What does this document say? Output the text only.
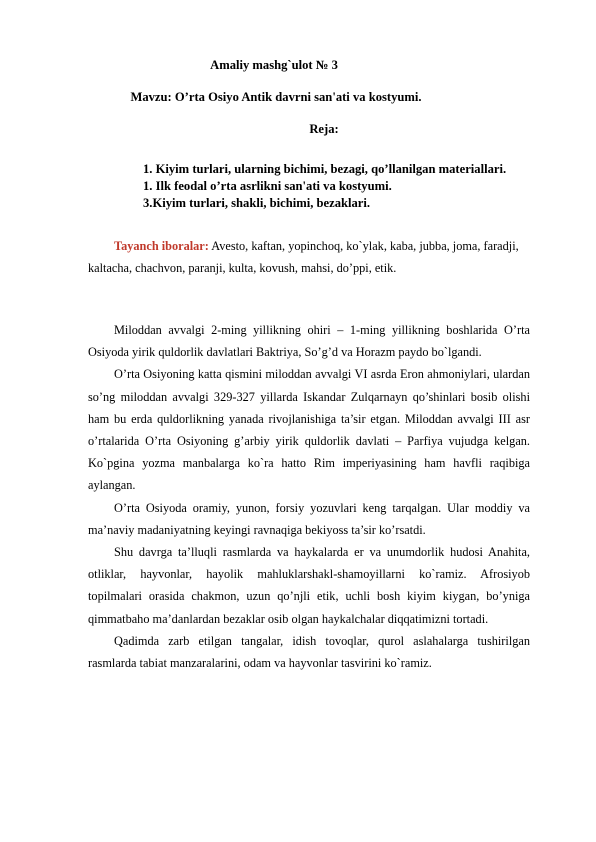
Amaliy mashg`ulot № 3
Mavzu: O’rta Osiyo Antik davrni san'ati va kostyumi.
Reja:
1. Kiyim turlari, ularning bichimi, bezagi, qo’llanilgan materiallari.
1. Ilk feodal o’rta asrlikni san'ati va kostyumi.
3.Kiyim turlari, shakli, bichimi, bezaklari.

Tayanch iboralar: Avesto, kaftan, yopinchoq, ko`ylak, kaba, jubba, joma, faradji, kaltacha, chachvon, paranji, kulta, kovush, mahsi, do’ppi, etik.

Miloddan avvalgi 2-ming yillikning ohiri – 1-ming yillikning boshlarida O’rta Osiyoda yirik quldorlik davlatlari Baktriya, So’g’d va Horazm paydo bo`lgandi.

O’rta Osiyoning katta qismini miloddan avvalgi VI asrda Eron ahmoniylari, ulardan so’ng miloddan avvalgi 329-327 yillarda Iskandar Zulqarnayn qo’shinlari bosib olishi ham bu erda quldorlikning yanada rivojlanishiga ta’sir etgan. Miloddan avvalgi III asr o’rtalarida O’rta Osiyoning g’arbiy yirik quldorlik davlati – Parfiya vujudga kelgan. Ko`pgina yozma manbalarga ko`ra hatto Rim imperiyasining ham havfli raqibiga aylangan.

O’rta Osiyoda oramiy, yunon, forsiy yozuvlari keng tarqalgan. Ular moddiy va ma’naviy madaniyatning keyingi ravnaqiga bekiyoss ta’sir ko’rsatdi.

Shu davrga ta’lluqli rasmlarda va haykalarda er va unumdorlik hudosi Anahita, otliklar, hayvonlar, hayolik mahluklarshakl-shamoyillarni ko`ramiz. Afrosiyob topilmalari orasida chakmon, uzun qo’njli etik, uchli bosh kiyim kiygan, bo’yniga qimmatbaho ma’danlardan bezaklar osib olgan haykalchalar diqqatimizni tortadi.

Qadimda zarb etilgan tangalar, idish tovoqlar, qurol aslahalarga tushirilgan rasmlarda tabiat manzaralarini, odam va hayvonlar tasvirini ko`ramiz.
